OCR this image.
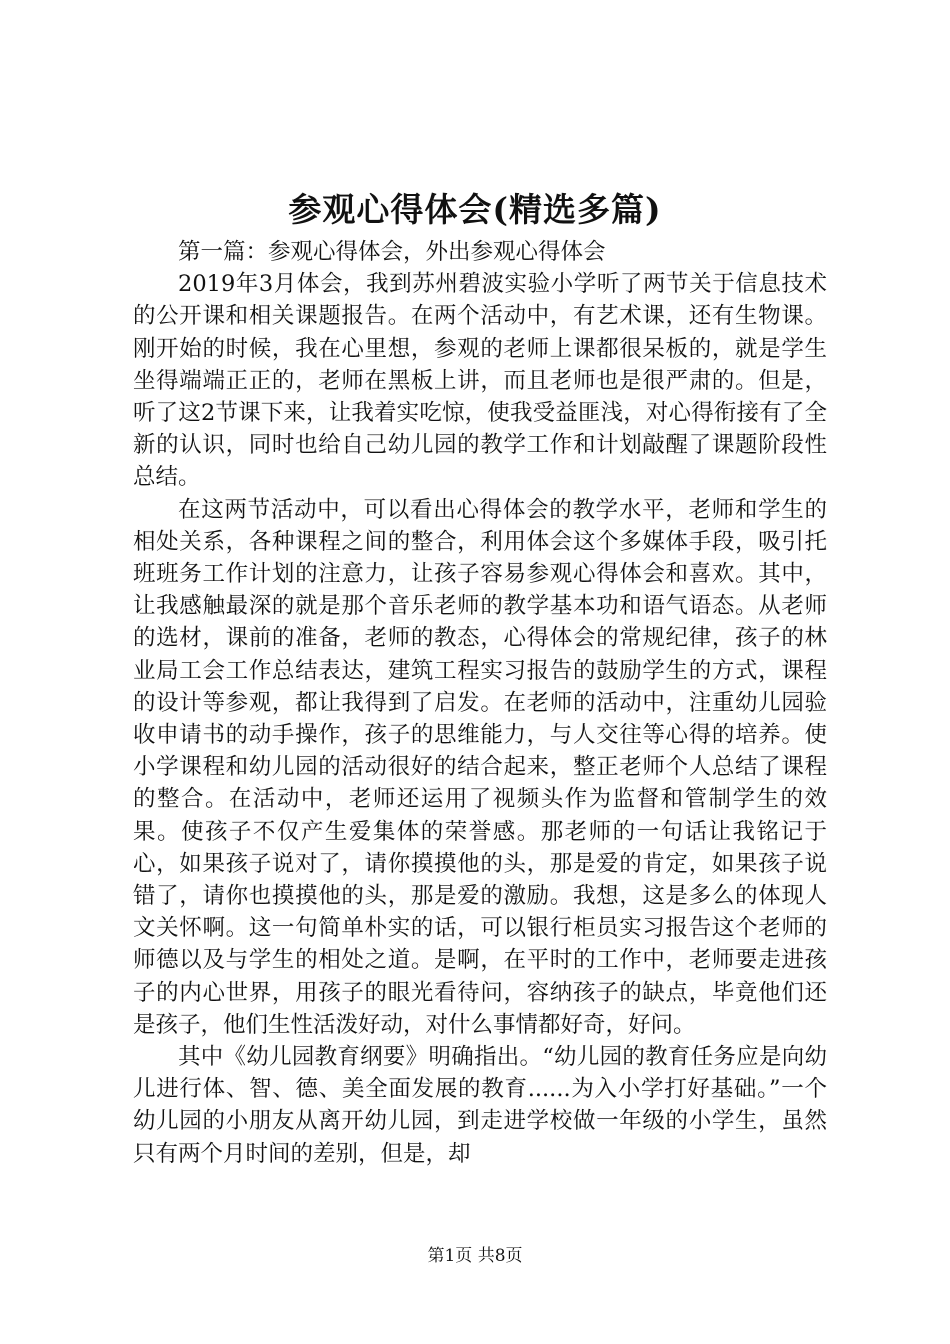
参观心得体会(精选多篇)
第一篇：参观心得体会，外出参观心得体会

2019年3月体会，我到苏州碧波实验小学听了两节关于信息技术的公开课和相关课题报告。在两个活动中，有艺术课，还有生物课。刚开始的时候，我在心里想，参观的老师上课都很呆板的，就是学生坐得端端正正的，老师在黑板上讲，而且老师也是很严肃的。但是，听了这2节课下来，让我着实吃惊，使我受益匪浅，对心得衔接有了全新的认识，同时也给自己幼儿园的教学工作和计划敲醒了课题阶段性总结。

在这两节活动中，可以看出心得体会的教学水平，老师和学生的相处关系，各种课程之间的整合，利用体会这个多媒体手段，吸引托班班务工作计划的注意力，让孩子容易参观心得体会和喜欢。其中，让我感触最深的就是那个音乐老师的教学基本功和语气语态。从老师的选材，课前的准备，老师的教态，心得体会的常规纪律，孩子的林业局工会工作总结表达，建筑工程实习报告的鼓励学生的方式，课程的设计等参观，都让我得到了启发。在老师的活动中，注重幼儿园验收申请书的动手操作，孩子的思维能力，与人交往等心得的培养。使小学课程和幼儿园的活动很好的结合起来，整正老师个人总结了课程的整合。在活动中，老师还运用了视频头作为监督和管制学生的效果。使孩子不仅产生爱集体的荣誉感。那老师的一句话让我铭记于心，如果孩子说对了，请你摸摸他的头，那是爱的肯定，如果孩子说错了，请你也摸摸他的头，那是爱的激励。我想，这是多么的体现人文关怀啊。这一句简单朴实的话，可以银行柜员实习报告这个老师的师德以及与学生的相处之道。是啊，在平时的工作中，老师要走进孩子的内心世界，用孩子的眼光看待问，容纳孩子的缺点，毕竟他们还是孩子，他们生性活泼好动，对什么事情都好奇，好问。

其中《幼儿园教育纲要》明确指出。“幼儿园的教育任务应是向幼儿进行体、智、德、美全面发展的教育......为入小学打好基础。”一个幼儿园的小朋友从离开幼儿园，到走进学校做一年级的小学生，虽然只有两个月时间的差别，但是，却

第1页 共8页
